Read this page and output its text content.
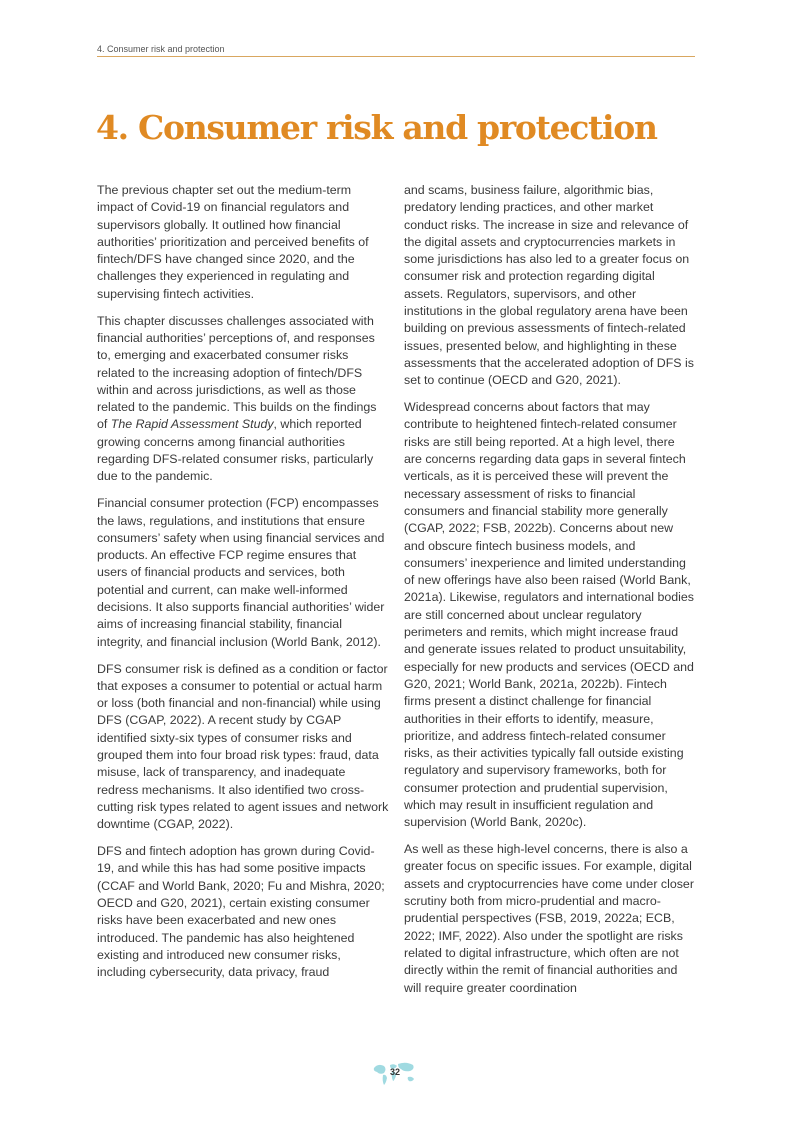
4. Consumer risk and protection
4. Consumer risk and protection

The previous chapter set out the medium-term impact of Covid-19 on financial regulators and supervisors globally. It outlined how financial authorities’ prioritization and perceived benefits of fintech/DFS have changed since 2020, and the challenges they experienced in regulating and supervising fintech activities.

This chapter discusses challenges associated with financial authorities’ perceptions of, and responses to, emerging and exacerbated consumer risks related to the increasing adoption of fintech/DFS within and across jurisdictions, as well as those related to the pandemic. This builds on the findings of The Rapid Assessment Study, which reported growing concerns among financial authorities regarding DFS-related consumer risks, particularly due to the pandemic.

Financial consumer protection (FCP) encompasses the laws, regulations, and institutions that ensure consumers’ safety when using financial services and products. An effective FCP regime ensures that users of financial products and services, both potential and current, can make well-informed decisions. It also supports financial authorities’ wider aims of increasing financial stability, financial integrity, and financial inclusion (World Bank, 2012).

DFS consumer risk is defined as a condition or factor that exposes a consumer to potential or actual harm or loss (both financial and non-financial) while using DFS (CGAP, 2022). A recent study by CGAP identified sixty-six types of consumer risks and grouped them into four broad risk types: fraud, data misuse, lack of transparency, and inadequate redress mechanisms. It also identified two cross-cutting risk types related to agent issues and network downtime (CGAP, 2022).

DFS and fintech adoption has grown during Covid-19, and while this has had some positive impacts (CCAF and World Bank, 2020; Fu and Mishra, 2020; OECD and G20, 2021), certain existing consumer risks have been exacerbated and new ones introduced. The pandemic has also heightened existing and introduced new consumer risks, including cybersecurity, data privacy, fraud

and scams, business failure, algorithmic bias, predatory lending practices, and other market conduct risks. The increase in size and relevance of the digital assets and cryptocurrencies markets in some jurisdictions has also led to a greater focus on consumer risk and protection regarding digital assets. Regulators, supervisors, and other institutions in the global regulatory arena have been building on previous assessments of fintech-related issues, presented below, and highlighting in these assessments that the accelerated adoption of DFS is set to continue (OECD and G20, 2021).

Widespread concerns about factors that may contribute to heightened fintech-related consumer risks are still being reported. At a high level, there are concerns regarding data gaps in several fintech verticals, as it is perceived these will prevent the necessary assessment of risks to financial consumers and financial stability more generally (CGAP, 2022; FSB, 2022b). Concerns about new and obscure fintech business models, and consumers’ inexperience and limited understanding of new offerings have also been raised (World Bank, 2021a). Likewise, regulators and international bodies are still concerned about unclear regulatory perimeters and remits, which might increase fraud and generate issues related to product unsuitability, especially for new products and services (OECD and G20, 2021; World Bank, 2021a, 2022b). Fintech firms present a distinct challenge for financial authorities in their efforts to identify, measure, prioritize, and address fintech-related consumer risks, as their activities typically fall outside existing regulatory and supervisory frameworks, both for consumer protection and prudential supervision, which may result in insufficient regulation and supervision (World Bank, 2020c).

As well as these high-level concerns, there is also a greater focus on specific issues. For example, digital assets and cryptocurrencies have come under closer scrutiny both from micro-prudential and macro-prudential perspectives (FSB, 2019, 2022a; ECB, 2022; IMF, 2022). Also under the spotlight are risks related to digital infrastructure, which often are not directly within the remit of financial authorities and will require greater coordination

32
